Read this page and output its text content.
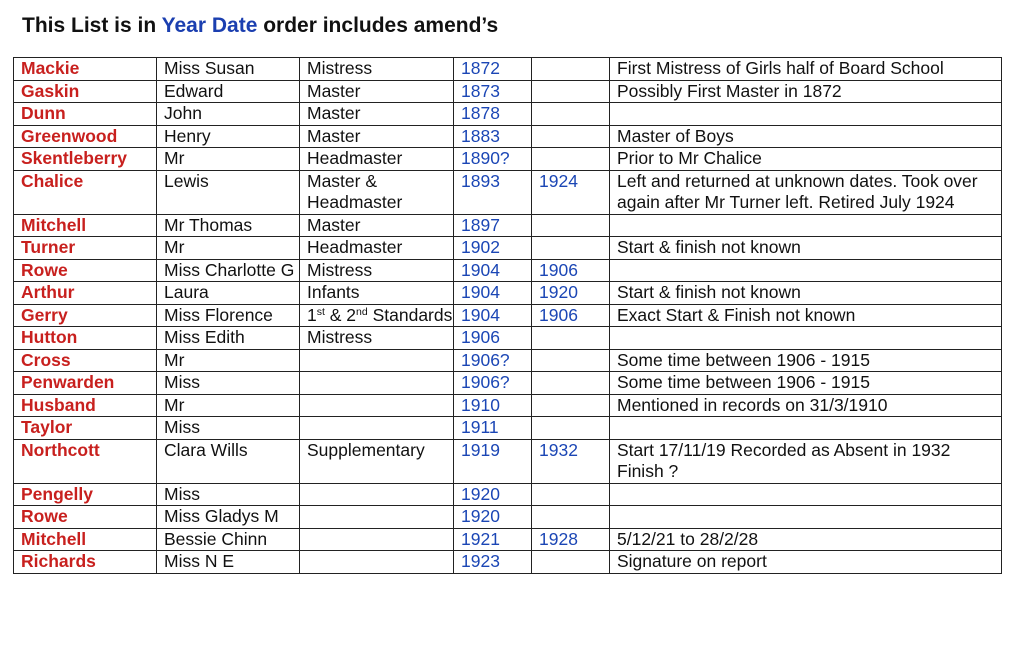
This List is in Year Date order includes amend’s
Mackie	Miss Susan	Mistress	1872		First Mistress of Girls half of Board School
Gaskin	Edward	Master	1873		Possibly First Master in 1872
Dunn	John	Master	1878		
Greenwood	Henry	Master	1883		Master of Boys
Skentleberry	Mr	Headmaster	1890?		Prior to Mr Chalice
Chalice	Lewis	Master & Headmaster	1893	1924	Left and returned at unknown dates. Took over again after Mr Turner left. Retired July 1924
Mitchell	Mr Thomas	Master	1897		
Turner	Mr	Headmaster	1902		Start & finish not known
Rowe	Miss Charlotte G	Mistress	1904	1906	
Arthur	Laura	Infants	1904	1920	Start & finish not known
Gerry	Miss Florence	1st & 2nd Standards	1904	1906	Exact Start & Finish not known
Hutton	Miss Edith	Mistress	1906		
Cross	Mr		1906?		Some time between 1906 - 1915
Penwarden	Miss		1906?		Some time between 1906 - 1915
Husband	Mr		1910		Mentioned in records on 31/3/1910
Taylor	Miss		1911		
Northcott	Clara Wills	Supplementary	1919	1932	Start 17/11/19 Recorded as Absent in 1932 Finish ?
Pengelly	Miss		1920		
Rowe	Miss Gladys M		1920		
Mitchell	Bessie Chinn		1921	1928	5/12/21 to 28/2/28
Richards	Miss N E		1923		Signature on report
